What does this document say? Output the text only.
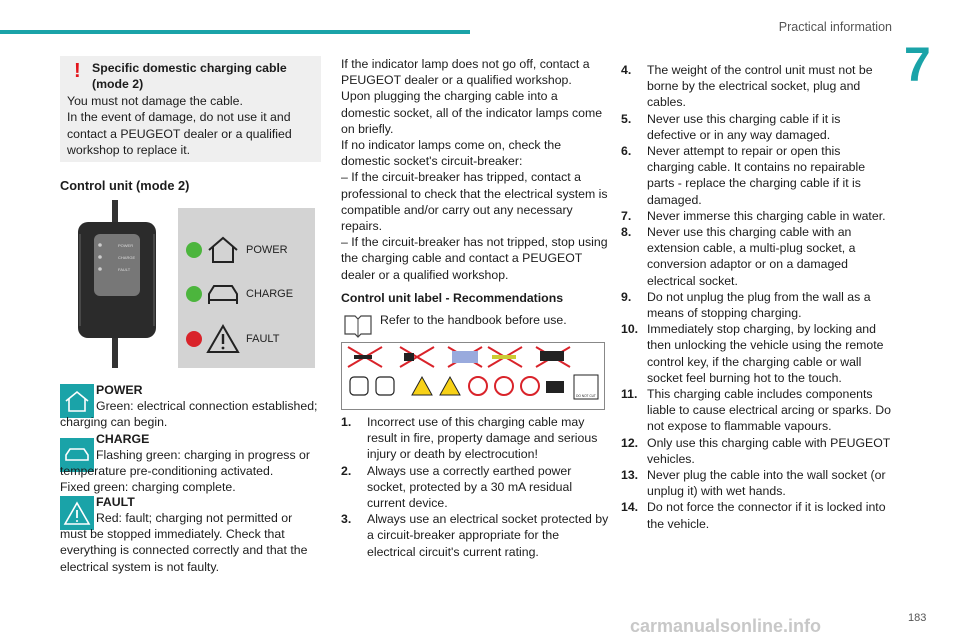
Practical information
7
183
! Specific domestic charging cable (mode 2)
You must not damage the cable.
In the event of damage, do not use it and contact a PEUGEOT dealer or a qualified workshop to replace it.
Control unit (mode 2)
POWER
CHARGE
FAULT
POWER
CHARGE
FAULT
POWER
Green: electrical connection established; charging can begin.
CHARGE
Flashing green: charging in progress or temperature pre-conditioning activated.
Fixed green: charging complete.
FAULT
Red: fault; charging not permitted or must be stopped immediately. Check that everything is connected correctly and that the electrical system is not faulty.
If the indicator lamp does not go off, contact a PEUGEOT dealer or a qualified workshop.
Upon plugging the charging cable into a domestic socket, all of the indicator lamps come on briefly.
If no indicator lamps come on, check the domestic socket's circuit-breaker:
– If the circuit-breaker has tripped, contact a professional to check that the electrical system is compatible and/or carry out any necessary repairs.
– If the circuit-breaker has not tripped, stop using the charging cable and contact a PEUGEOT dealer or a qualified workshop.
Control unit label - Recommendations
Refer to the handbook before use.
DO NOT CUT
1. Incorrect use of this charging cable may result in fire, property damage and serious injury or death by electrocution!
2. Always use a correctly earthed power socket, protected by a 30 mA residual current device.
3. Always use an electrical socket protected by a circuit-breaker appropriate for the electrical circuit's current rating.
4. The weight of the control unit must not be borne by the electrical socket, plug and cables.
5. Never use this charging cable if it is defective or in any way damaged.
6. Never attempt to repair or open this charging cable. It contains no repairable parts - replace the charging cable if it is damaged.
7. Never immerse this charging cable in water.
8. Never use this charging cable with an extension cable, a multi-plug socket, a conversion adaptor or on a damaged electrical socket.
9. Do not unplug the plug from the wall as a means of stopping charging.
10. Immediately stop charging, by locking and then unlocking the vehicle using the remote control key, if the charging cable or wall socket feel burning hot to the touch.
11. This charging cable includes components liable to cause electrical arcing or sparks. Do not expose to flammable vapours.
12. Only use this charging cable with PEUGEOT vehicles.
13. Never plug the cable into the wall socket (or unplug it) with wet hands.
14. Do not force the connector if it is locked into the vehicle.
carmanualsonline.info
